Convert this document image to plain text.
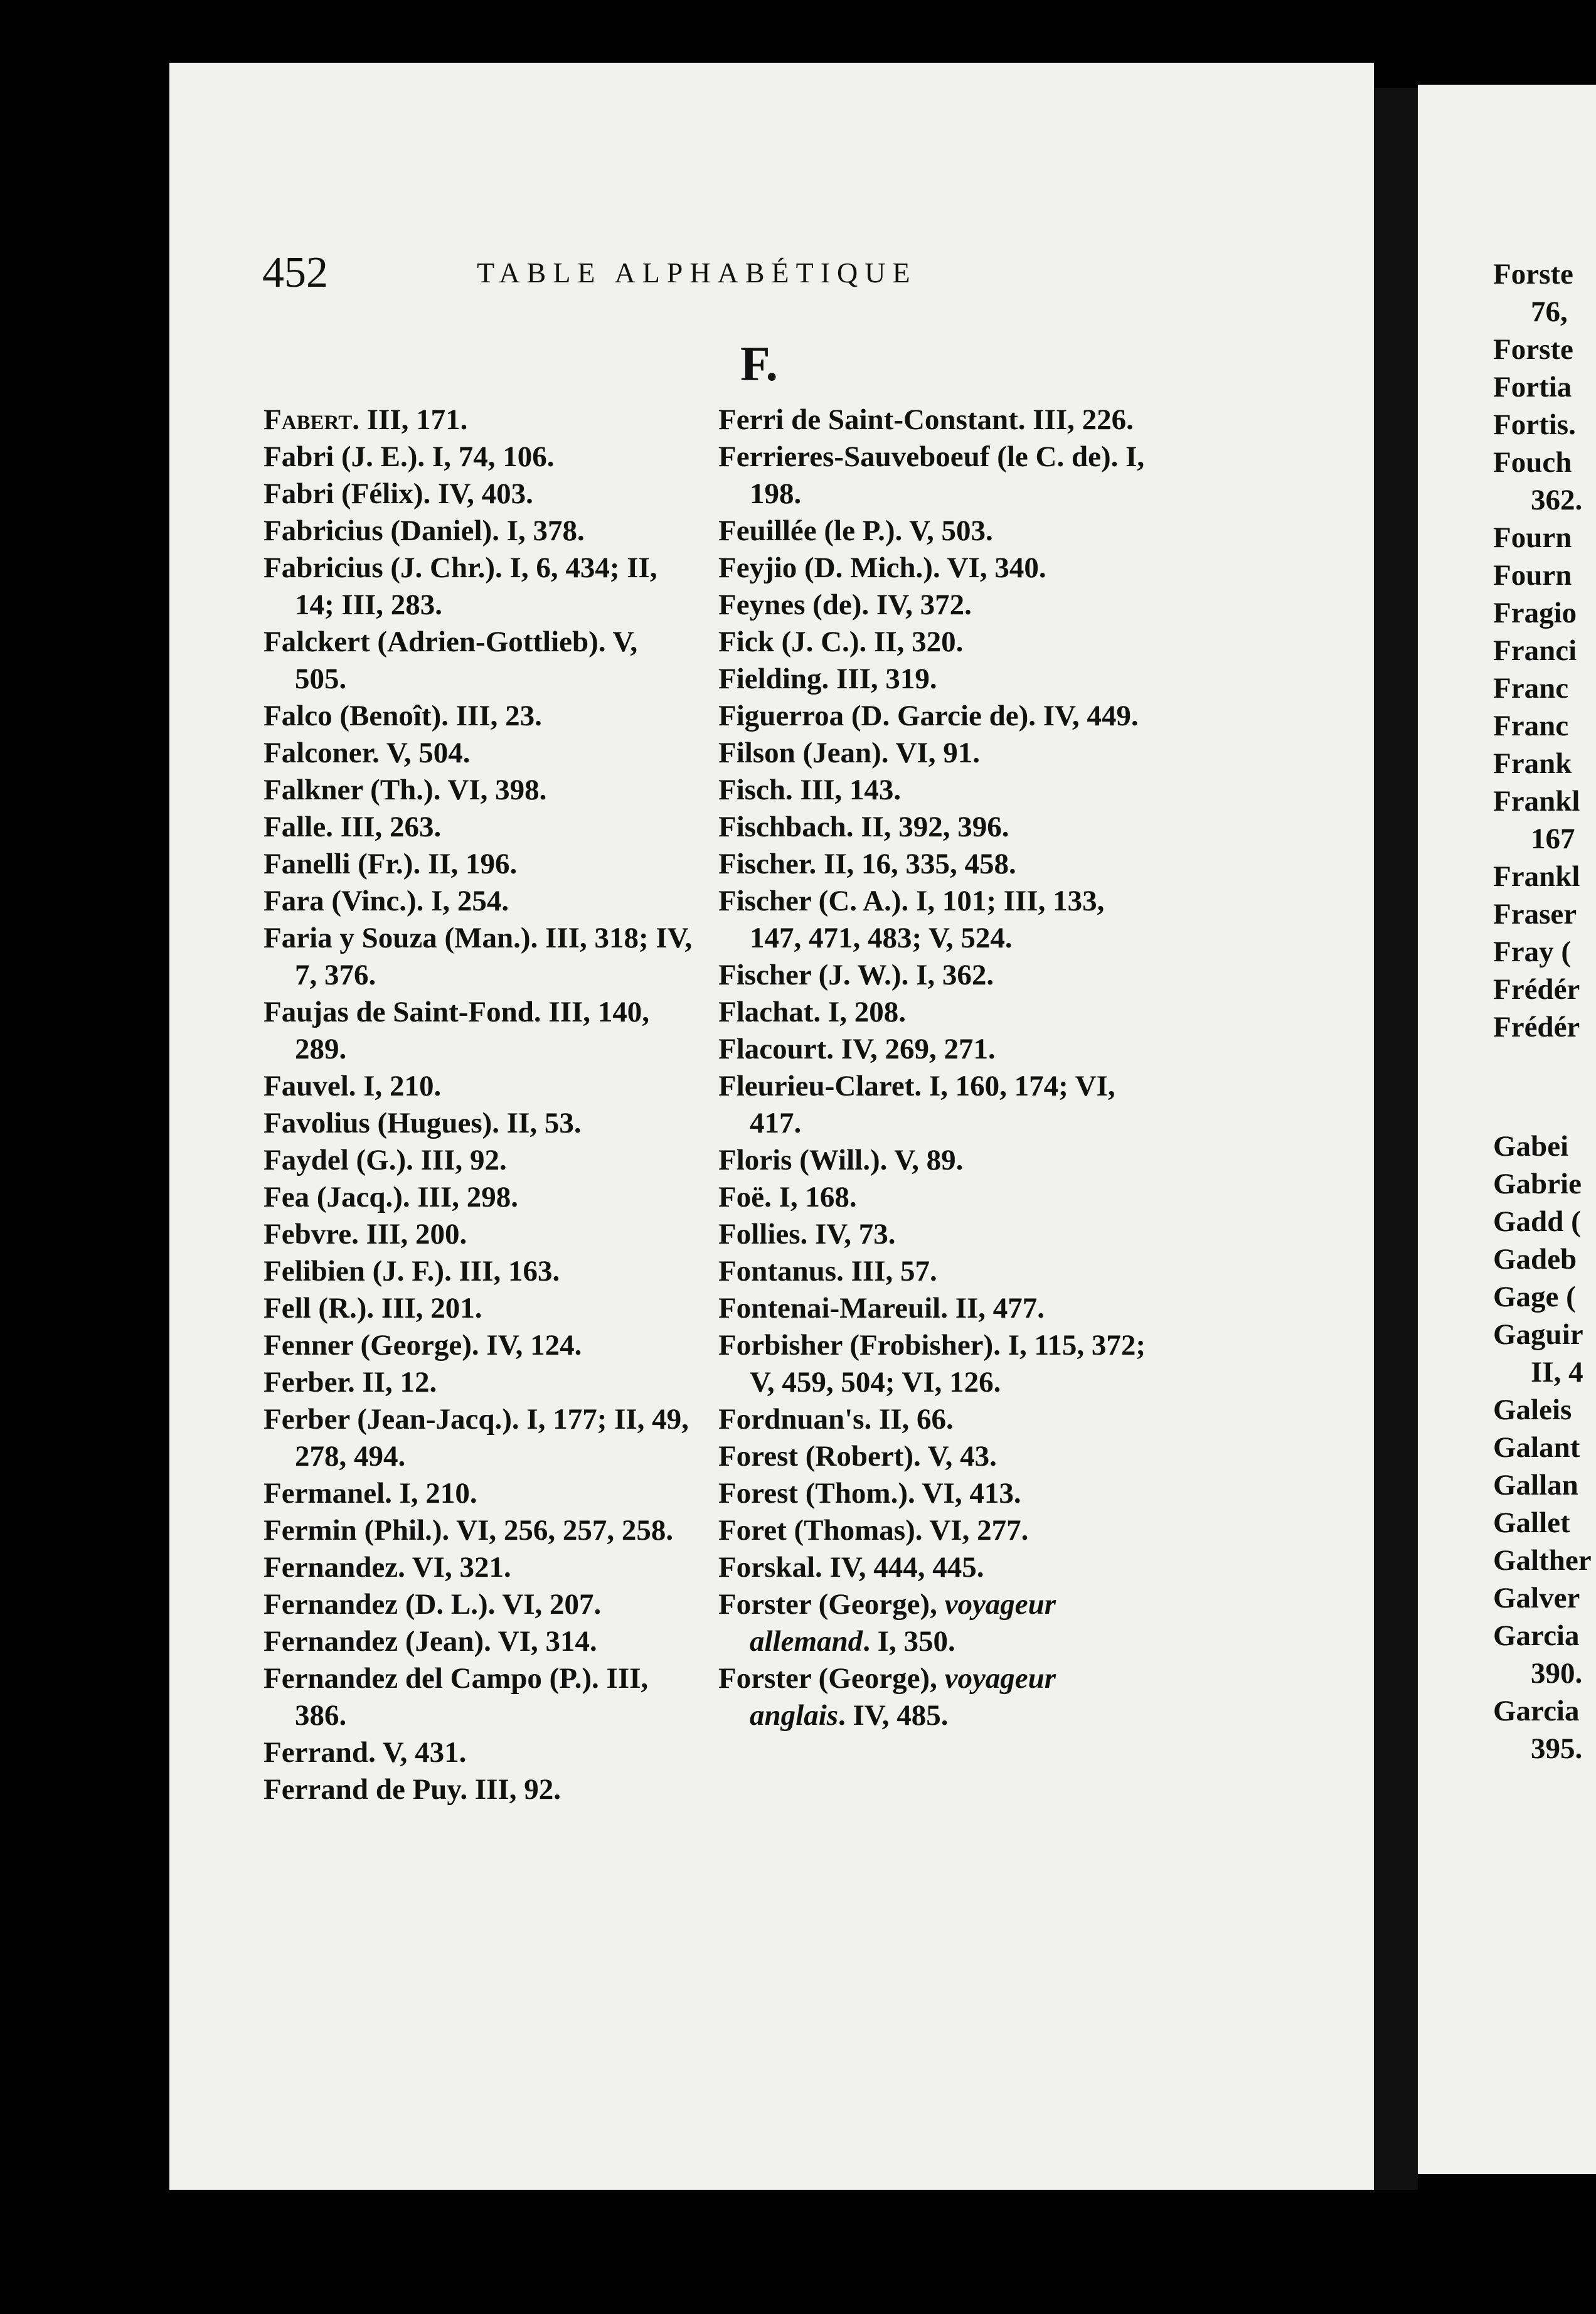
452	TABLE ALPHABÉTIQUE
F.
Fabert. III, 171.
Fabri (J. E.). I, 74, 106.
Fabri (Félix). IV, 403.
Fabricius (Daniel). I, 378.
Fabricius (J. Chr.). I, 6, 434; II, 14; III, 283.
Falckert (Adrien-Gottlieb). V, 505.
Falco (Benoît). III, 23.
Falconer. V, 504.
Falkner (Th.). VI, 398.
Falle. III, 263.
Fanelli (Fr.). II, 196.
Fara (Vinc.). I, 254.
Faria y Souza (Man.). III, 318; IV, 7, 376.
Faujas de Saint-Fond. III, 140, 289.
Fauvel. I, 210.
Favolius (Hugues). II, 53.
Faydel (G.). III, 92.
Fea (Jacq.). III, 298.
Febvre. III, 200.
Felibien (J. F.). III, 163.
Fell (R.). III, 201.
Fenner (George). IV, 124.
Ferber. II, 12.
Ferber (Jean-Jacq.). I, 177; II, 49, 278, 494.
Fermanel. I, 210.
Fermin (Phil.). VI, 256, 257, 258.
Fernandez. VI, 321.
Fernandez (D. L.). VI, 207.
Fernandez (Jean). VI, 314.
Fernandez del Campo (P.). III, 386.
Ferrand. V, 431.
Ferrand de Puy. III, 92.
Ferri de Saint-Constant. III, 226.
Ferrieres-Sauveboeuf (le C. de). I, 198.
Feuillée (le P.). V, 503.
Feyjio (D. Mich.). VI, 340.
Feynes (de). IV, 372.
Fick (J. C.). II, 320.
Fielding. III, 319.
Figuerroa (D. Garcie de). IV, 449.
Filson (Jean). VI, 91.
Fisch. III, 143.
Fischbach. II, 392, 396.
Fischer. II, 16, 335, 458.
Fischer (C. A.). I, 101; III, 133, 147, 471, 483; V, 524.
Fischer (J. W.). I, 362.
Flachat. I, 208.
Flacourt. IV, 269, 271.
Fleurieu-Claret. I, 160, 174; VI, 417.
Floris (Will.). V, 89.
Foë. I, 168.
Follies. IV, 73.
Fontanus. III, 57.
Fontenai-Mareuil. II, 477.
Forbisher (Frobisher). I, 115, 372; V, 459, 504; VI, 126.
Fordnuan's. II, 66.
Forest (Robert). V, 43.
Forest (Thom.). VI, 413.
Foret (Thomas). VI, 277.
Forskal. IV, 444, 445.
Forster (George), voyageur allemand. I, 350.
Forster (George), voyageur anglais. IV, 485.
Forste
76,
Forste
Fortia
Fortis.
Fouch
362.
Fourn
Fourn
Fragio
Franci
Franc
Franc
Frank
Frankl
167
Frankl
Fraser
Fray (
Frédér
Frédér
Gabei
Gabrie
Gadd (
Gadeb
Gage (
Gaguir
II, 4
Galeis
Galant
Gallan
Gallet
Galther
Galver
Garcia
390.
Garcia
395.
